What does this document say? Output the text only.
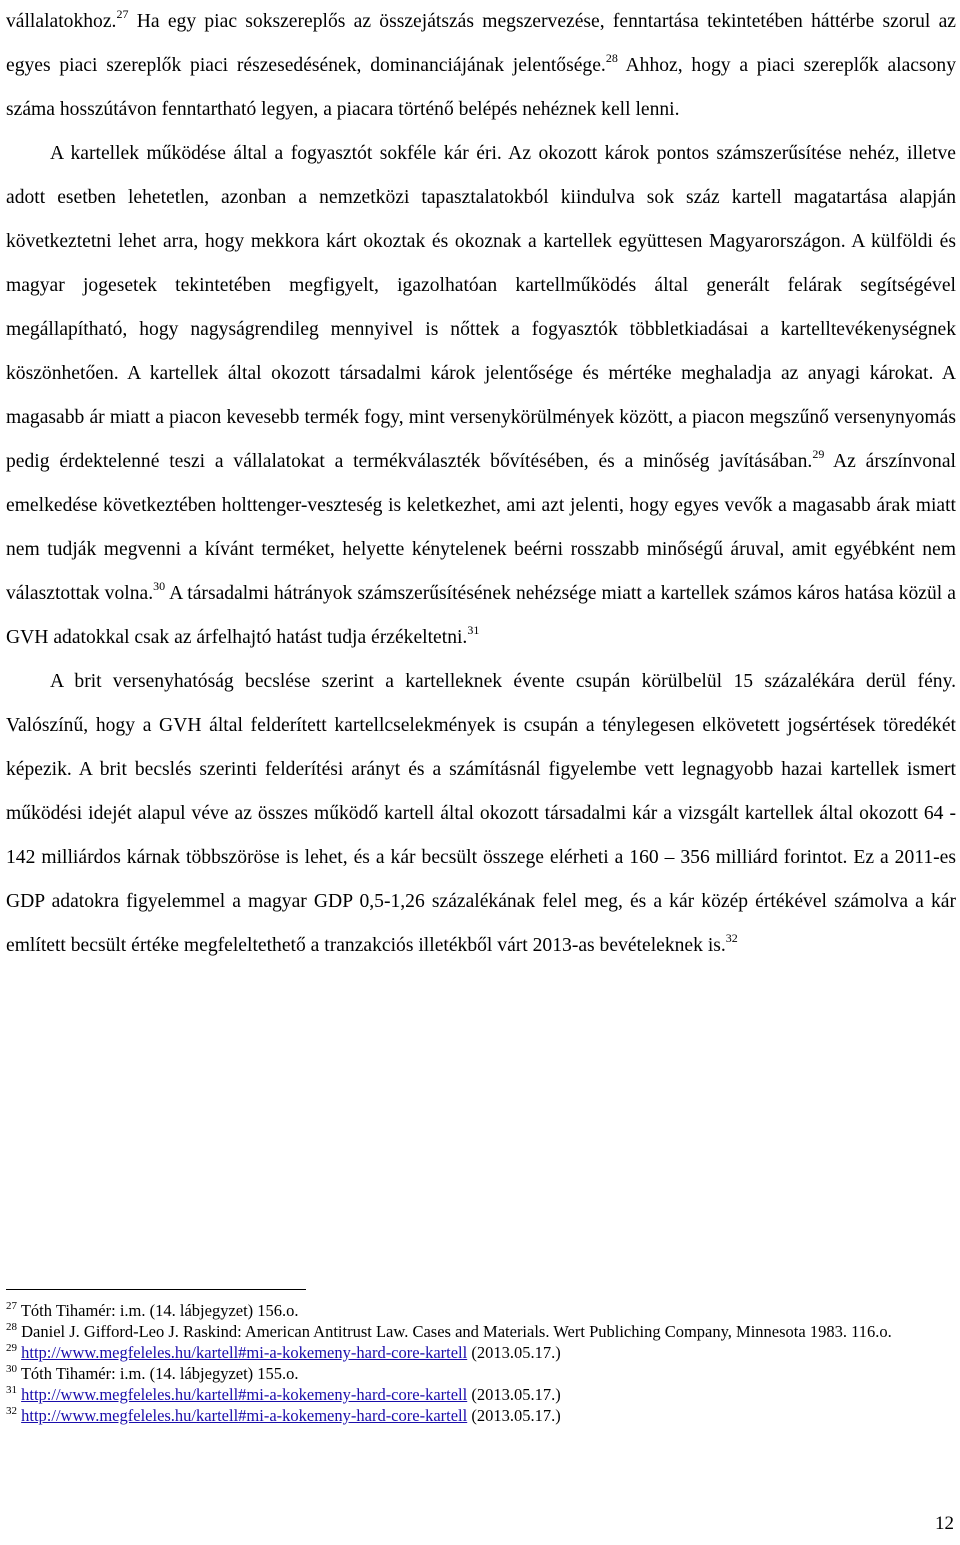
vállalatokhoz.$^{27}$ Ha egy piac sokszereplős az összejátszás megszervezése, fenntartása tekintetében háttérbe szorul az egyes piaci szereplők piaci részesedésének, dominanciájának jelentősége.$^{28}$ Ahhoz, hogy a piaci szereplők alacsony száma hosszútávon fenntartható legyen, a piacara történő belépés nehéznek kell lenni.

A kartellek működése által a fogyasztót sokféle kár éri. Az okozott károk pontos számszerűsítése nehéz, illetve adott esetben lehetetlen, azonban a nemzetközi tapasztalatokból kiindulva sok száz kartell magatartása alapján következtetni lehet arra, hogy mekkora kárt okoztak és okoznak a kartellek együttesen Magyarországon. A külföldi és magyar jogesetek tekintetében megfigyelt, igazolhatóan kartellműködés által generált felárak segítségével megállapítható, hogy nagyságrendileg mennyivel is nőttek a fogyasztók többletkiadásai a kartelltevékenységnek köszönhetően. A kartellek által okozott társadalmi károk jelentősége és mértéke meghaladja az anyagi károkat. A magasabb ár miatt a piacon kevesebb termék fogy, mint versenykörülmények között, a piacon megszűnő versenynyomás pedig érdektelenné teszi a vállalatokat a termékválaszték bővítésében, és a minőség javításában.$^{29}$ Az árszínvonal emelkedése következtében holttenger-veszteség is keletkezhet, ami azt jelenti, hogy egyes vevők a magasabb árak miatt nem tudják megvenni a kívánt terméket, helyette kénytelenek beérni rosszabb minőségű áruval, amit egyébként nem választottak volna.$^{30}$ A társadalmi hátrányok számszerűsítésének nehézsége miatt a kartellek számos káros hatása közül a GVH adatokkal csak az árfelhajtó hatást tudja érzékeltetni.$^{31}$

A brit versenyhatóság becslése szerint a kartelleknek évente csupán körülbelül 15 százalékára derül fény. Valószínű, hogy a GVH által felderített kartellcselekmények is csupán a ténylegesen elkövetett jogsértések töredékét képezik. A brit becslés szerinti felderítési arányt és a számításnál figyelembe vett legnagyobb hazai kartellek ismert működési idejét alapul véve az összes működő kartell által okozott társadalmi kár a vizsgált kartellek által okozott 64 - 142 milliárdos kárnak többszöröse is lehet, és a kár becsült összege elérheti a 160 – 356 milliárd forintot. Ez a 2011-es GDP adatokra figyelemmel a magyar GDP 0,5-1,26 százalékának felel meg, és a kár közép értékével számolva a kár említett becsült értéke megfeleltethető a tranzakciós illetékből várt 2013-as bevételeknek is.$^{32}$

$^{27}$ Tóth Tihamér: i.m. (14. lábjegyzet) 156.o.
$^{28}$ Daniel J. Gifford-Leo J. Raskind: American Antitrust Law. Cases and Materials. Wert Publiching Company, Minnesota 1983. 116.o.
$^{29}$ http://www.megfeleles.hu/kartell#mi-a-kokemeny-hard-core-kartell (2013.05.17.)
$^{30}$ Tóth Tihamér: i.m. (14. lábjegyzet) 155.o.
$^{31}$ http://www.megfeleles.hu/kartell#mi-a-kokemeny-hard-core-kartell (2013.05.17.)
$^{32}$ http://www.megfeleles.hu/kartell#mi-a-kokemeny-hard-core-kartell (2013.05.17.)
12
